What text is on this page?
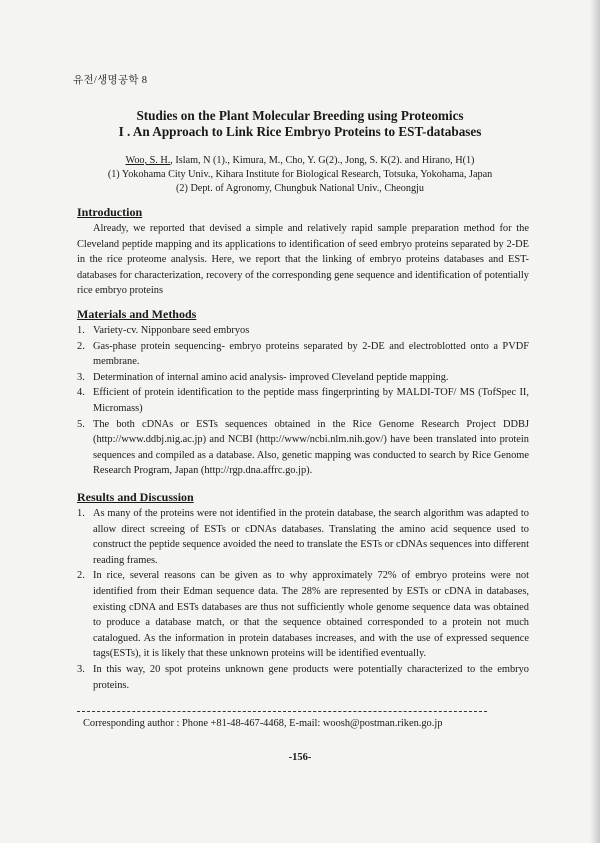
유전/생명공학 8
Studies on the Plant Molecular Breeding using Proteomics
I . An Approach to Link Rice Embryo Proteins to EST-databases
Woo, S. H., Islam, N (1)., Kimura, M., Cho, Y. G(2)., Jong, S. K(2). and Hirano, H(1)
(1) Yokohama City Univ., Kihara Institute for Biological Research, Totsuka, Yokohama, Japan
(2) Dept. of Agronomy, Chungbuk National Univ., Cheongju
Introduction
Already, we reported that devised a simple and relatively rapid sample preparation method for the Cleveland peptide mapping and its applications to identification of seed embryo proteins separated by 2-DE in the rice proteome analysis. Here, we report that the linking of embryo proteins databases and EST-databases for characterization, recovery of the corresponding gene sequence and identification of potentially rice embryo proteins
Materials and Methods
1. Variety-cv. Nipponbare seed embryos
2. Gas-phase protein sequencing- embryo proteins separated by 2-DE and electroblotted onto a PVDF membrane.
3. Determination of internal amino acid analysis- improved Cleveland peptide mapping.
4. Efficient of protein identification to the peptide mass fingerprinting by MALDI-TOF/ MS (TofSpec II, Micromass)
5. The both cDNAs or ESTs sequences obtained in the Rice Genome Research Project DDBJ (http://www.ddbj.nig.ac.jp) and NCBI (http://www/ncbi.nlm.nih.gov/) have been translated into protein sequences and compiled as a database. Also, genetic mapping was conducted to search by Rice Genome Research Program, Japan (http://rgp.dna.affrc.go.jp).
Results and Discussion
1. As many of the proteins were not identified in the protein database, the search algorithm was adapted to allow direct screeing of ESTs or cDNAs databases. Translating the amino acid sequence used to construct the peptide sequence avoided the need to translate the ESTs or cDNAs sequences into different reading frames.
2. In rice, several reasons can be given as to why approximately 72% of embryo proteins were not identified from their Edman sequence data. The 28% are represented by ESTs or cDNA in databases, existing cDNA and ESTs databases are thus not sufficiently whole genome sequence data was obtained to produce a database match, or that the sequence obtained corresponded to a protein not much catalogued. As the information in protein databases increases, and with the use of expressed sequence tags(ESTs), it is likely that these unknown proteins will be identified eventually.
3. In this way, 20 spot proteins unknown gene products were potentially characterized to the embryo proteins.
Corresponding author : Phone +81-48-467-4468, E-mail: woosh@postman.riken.go.jp
-156-
